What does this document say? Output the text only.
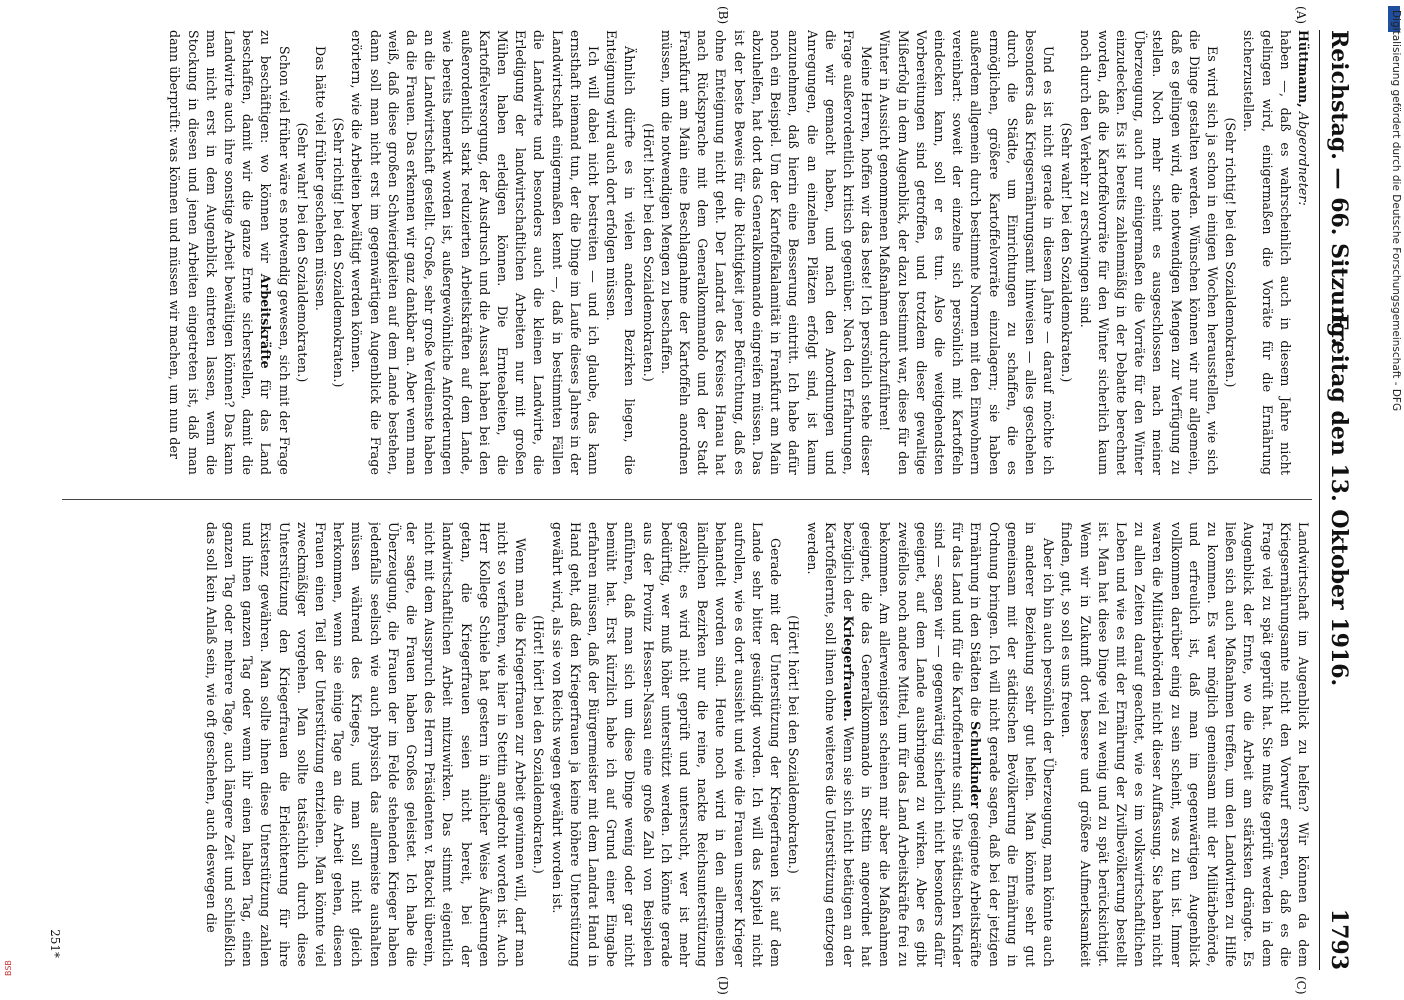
Reichstag. — 66. Sitzung.
Freitag den 13. Oktober 1916.
1793
(A)
(B)
(C)
(D)

Hüttmann, Abgeordneter:

haben —, daß es wahrscheinlich auch in diesem Jahre nicht gelingen wird, einigermaßen die Vorräte für die Ernährung sicherzustellen.

(Sehr richtig! bei den Sozialdemokraten.)

Es wird sich ja schon in einigen Wochen herausstellen, wie sich die Dinge gestalten werden. Wünschen können wir nur allgemein, daß es gelingen wird, die notwendigen Mengen zur Verfügung zu stellen. Noch mehr scheint es ausgeschlossen nach meiner Überzeugung, auch nur einigermaßen die Vorräte für den Winter einzudecken. Es ist bereits zahlenmäßig in der Debatte berechnet worden, daß die Kartoffelvorräte für den Winter sicherlich kaum noch durch den Verkehr zu erschwingen sind.

(Sehr wahr! bei den Sozialdemokraten.)

Und es ist nicht gerade in diesem Jahre — darauf möchte ich besonders das Kriegsernährungsamt hinweisen — alles geschehen durch die Städte, um Einrichtungen zu schaffen, die es ermöglichen, größere Kartoffelvorräte einzulagern; sie haben außerdem allgemein durch bestimmte Normen mit den Einwohnern vereinbart: soweit der einzelne sich persönlich mit Kartoffeln eindecken kann, soll er es tun. Also die weitgehendsten Vorbereitungen sind getroffen, und trotzdem dieser gewaltige Mißerfolg in dem Augenblick, der dazu bestimmt war, diese für den Winter in Aussicht genommenen Maßnahmen durchzuführen!

Meine Herren, hoffen wir das beste! Ich persönlich stehe dieser Frage außerordentlich kritisch gegenüber. Nach den Erfahrungen, die wir gemacht haben, und nach den Anordnungen und Anregungen, die an einzelnen Plätzen erfolgt sind, ist kaum anzunehmen, daß hierin eine Besserung eintritt. Ich habe dafür noch ein Beispiel. Um der Kartoffelkalamität in Frankfurt am Main abzuhelfen, hat dort das Generalkommando eingreifen müssen. Das ist der beste Beweis für die Richtigkeit jener Befürchtung, daß es ohne Enteignung nicht geht. Der Landrat des Kreises Hanau hat nach Rücksprache mit dem Generalkommando und der Stadt Frankfurt am Main eine Beschlagnahme der Kartoffeln anordnen müssen, um die notwendigen Mengen zu beschaffen.

(Hört! hört! bei den Sozialdemokraten.)

Ähnlich dürfte es in vielen anderen Bezirken liegen, die Enteignung wird auch dort erfolgen müssen.

Ich will dabei nicht bestreiten — und ich glaube, das kann ernsthaft niemand tun, der die Dinge im Laufe dieses Jahres in der Landwirtschaft einigermaßen kennt —, daß in bestimmten Fällen die Landwirte und besonders auch die kleinen Landwirte, die Erledigung der landwirtschaftlichen Arbeiten nur mit großen Mühen haben erledigen können. Die Ernteabeiten, die Kartoffelversorgung, der Ausdrusch und die Aussaat haben bei den außerordentlich stark reduzierten Arbeitskräften auf dem Lande, wie bereits bemerkt worden ist, außergewöhnliche Anforderungen an die Landwirtschaft gestellt. Große, sehr große Verdienste haben da die Frauen. Das erkennen wir ganz dankbar an. Aber wenn man weiß, daß diese großen Schwierigkeiten auf dem Lande bestehen, dann soll man nicht erst im gegenwärtigen Augenblick die Frage erörtern, wie die Arbeiten bewältigt werden können.

(Sehr richtig! bei den Sozialdemokraten.)

Das hätte viel früher geschehen müssen.

(Sehr wahr! bei den Sozialdemokraten.)

Schon viel früher wäre es notwendig gewesen, sich mit der Frage zu beschäftigen: wo können wir Arbeitskräfte für das Land beschaffen, damit wir die ganze Ernte sicherstellen, damit die Landwirte auch ihre sonstige Arbeit bewältigen können? Das kann man nicht erst in dem Augenblick eintreten lassen, wenn die Stockung in diesen und jenen Arbeiten eingetreten ist, daß man dann überprüft: was können und müssen wir machen, um nun der

Landwirtschaft im Augenblick zu helfen? Wir können da dem Kriegsernährungsamte nicht den Vorwurf ersparen, daß es die Frage viel zu spät geprüft hat. Sie mußte geprüft werden in dem Augenblick der Ernte, wo die Arbeit am stärksten drängte. Es ließen sich auch Maßnahmen treffen, um den Landwirten zu Hilfe zu kommen. Es war möglich gemeinsam mit der Militärbehörde, und erfreulich ist, daß man im gegenwärtigen Augenblick vollkommen darüber einig zu sein scheint, was zu tun ist. Immer waren die Militärbehörden nicht dieser Auffassung. Sie haben nicht zu allen Zeiten darauf geachtet, wie es im volkswirtschaftlichen Leben und wie es mit der Ernährung der Zivilbevölkerung bestellt ist. Man hat diese Dinge viel zu wenig und zu spät berücksichtigt. Wenn wir in Zukunft dort bessere und größere Aufmerksamkeit finden, gut, so soll es uns freuen.

Aber ich bin auch persönlich der Überzeugung, man könnte auch in anderer Beziehung sehr gut helfen. Man könnte sehr gut gemeinsam mit der städtischen Bevölkerung die Ernährung in Ordnung bringen. Ich will nicht gerade sagen, daß bei der jetzigen Ernährung in den Städten die Schulkinder geeignete Arbeitskräfte für das Land und für die Kartoffelernte sind. Die städtischen Kinder sind — sagen wir — gegenwärtig sicherlich nicht besonders dafür geeignet, auf dem Lande ausbringend zu wirken. Aber es gibt zweifellos noch andere Mittel, um für das Land Arbeitskräfte frei zu bekommen. Am allerwenigsten scheinen mir aber die Maßnahmen geeignet, die das Generalkommando in Stettin angeordnet hat bezüglich der Kriegerfrauen. Wenn sie sich nicht betätigen an der Kartoffelernte, soll ihnen ohne weiteres die Unterstützung entzogen werden.

(Hört! hört! bei den Sozialdemokraten.)

Gerade mit der Unterstützung der Kriegerfrauen ist auf dem Lande sehr bitter gesündigt worden. Ich will das Kapitel nicht aufrollen, wie es dort aussieht und wie die Frauen unserer Krieger behandelt worden sind. Heute noch wird in den allermeisten ländlichen Bezirken nur die reine, nackte Reichsunterstützung gezahlt; es wird nicht geprüft und untersucht, wer ist mehr bedürftig, wer muß höher unterstützt werden. Ich könnte gerade aus der Provinz Hessen-Nassau eine große Zahl von Beispielen anführen, daß man sich um diese Dinge wenig oder gar nicht bemüht hat. Erst kürzlich habe ich auf Grund einer Eingabe erfahren müssen, daß der Bürgermeister mit dem Landrat Hand in Hand geht, daß den Kriegerfrauen ja keine höhere Unterstützung gewährt wird, als sie von Reichs wegen gewährt worden ist.

(Hört! hört! bei den Sozialdemokraten.)

Wenn man die Kriegerfrauen zur Arbeit gewinnen will, darf man nicht so verfahren, wie hier in Stettin angedroht worden ist. Auch Herr Kollege Schiele hat gestern in ähnlicher Weise Äußerungen getan, die Kriegerfrauen seien nicht bereit, bei der landwirtschaftlichen Arbeit mitzuwirken. Das stimmt eigentlich nicht mit dem Ausspruch des Herrn Präsidenten v. Batocki überein, der sagte, die Frauen haben Großes geleistet. Ich habe die Überzeugung, die Frauen der im Felde stehenden Krieger haben jedenfalls seelisch wie auch physisch das allermeiste aushalten müssen während des Krieges, und man soll nicht gleich herkommen, wenn sie einige Tage an die Arbeit gehen, diesen Frauen einen Teil der Unterstützung entziehen. Man könnte viel zweckmäßiger vorgehen. Man sollte tatsächlich durch diese Unterstützung den Kriegerfrauen die Erleichterung für ihre Existenz gewähren. Man sollte ihnen diese Unterstützung zahlen und ihnen ganzen Tag oder wenn ihr einen halben Tag, einen ganzen Tag oder mehrere Tage, auch längere Zeit und schließlich das soll kein Anlaß sein, wie oft geschehen, auch deswegen die

251*
Digitalisierung gefördert durch die Deutsche Forschungsgemeinschaft - DFG
BSB
